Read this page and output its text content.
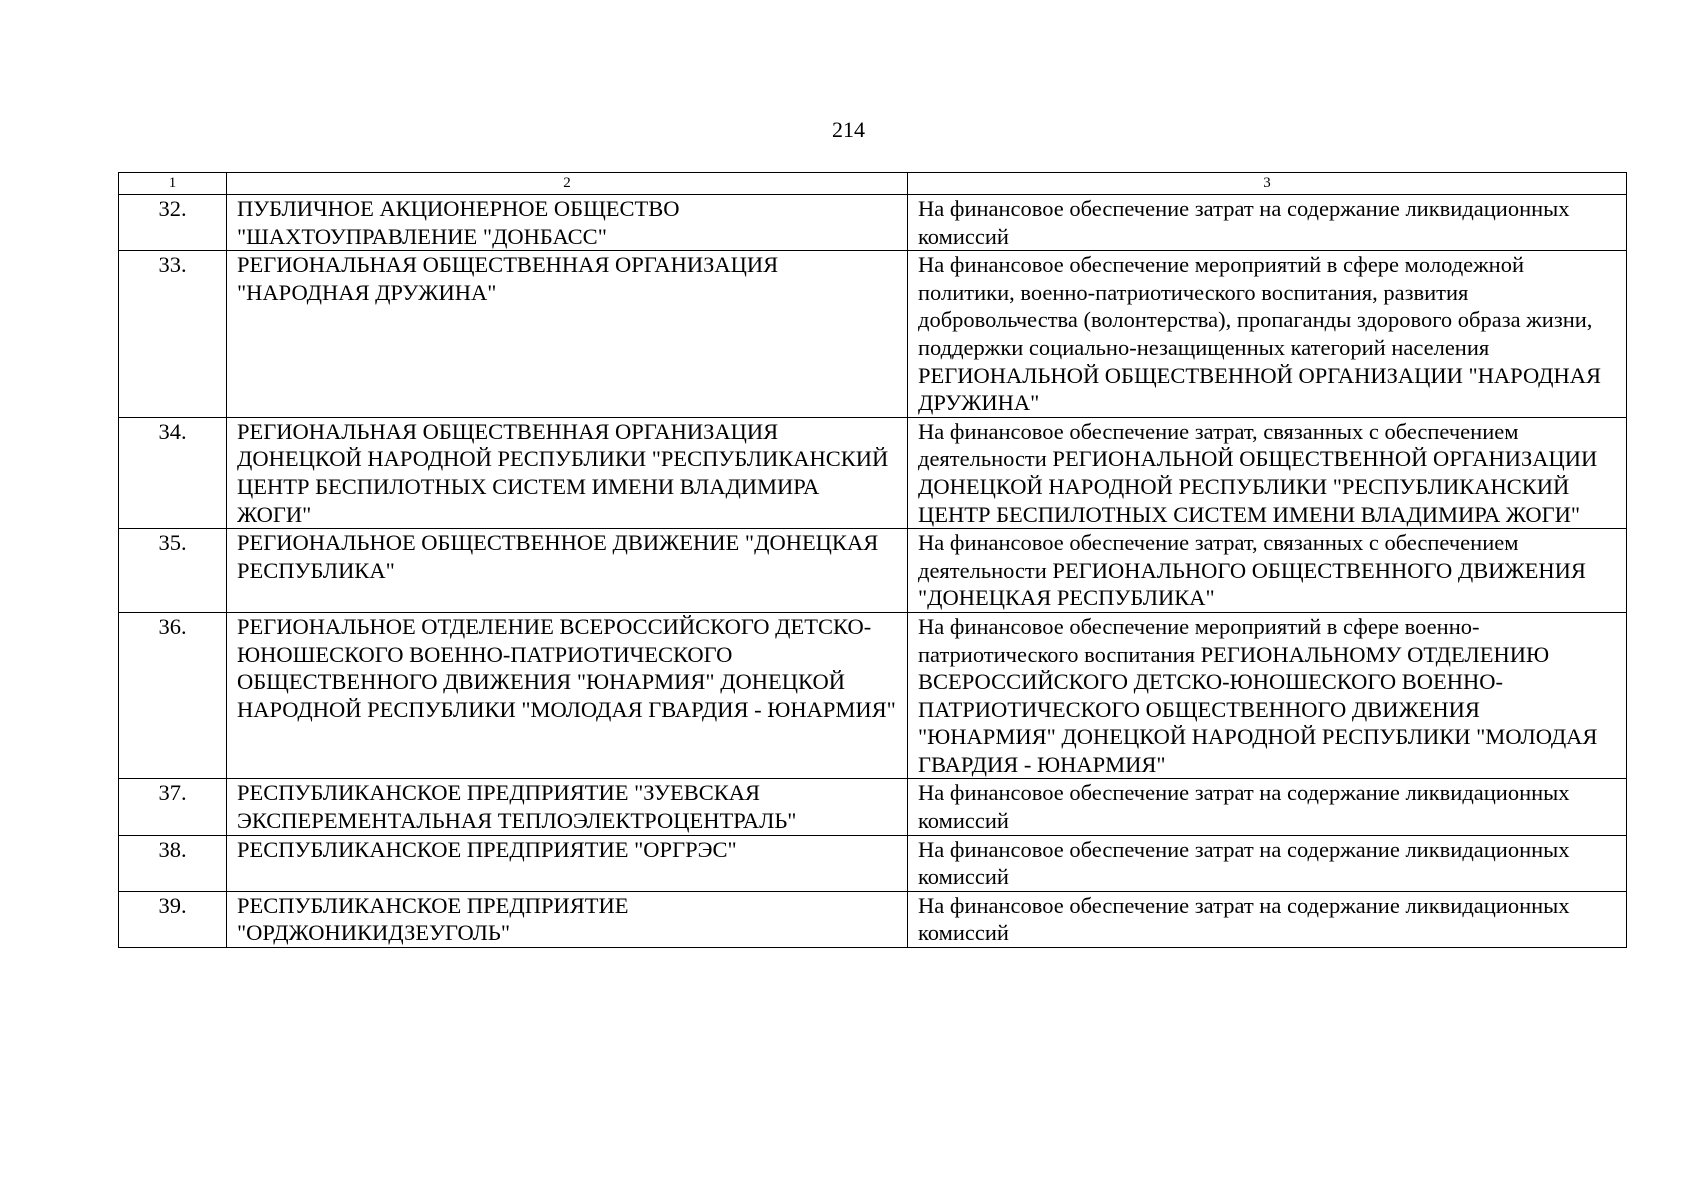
214
1	2	3
32.	ПУБЛИЧНОЕ АКЦИОНЕРНОЕ ОБЩЕСТВО "ШАХТОУПРАВЛЕНИЕ "ДОНБАСС"	На финансовое обеспечение затрат на содержание ликвидационных комиссий
33.	РЕГИОНАЛЬНАЯ ОБЩЕСТВЕННАЯ ОРГАНИЗАЦИЯ "НАРОДНАЯ ДРУЖИНА"	На финансовое обеспечение мероприятий в сфере молодежной политики, военно-патриотического воспитания, развития добровольчества (волонтерства), пропаганды здорового образа жизни, поддержки социально-незащищенных категорий населения РЕГИОНАЛЬНОЙ ОБЩЕСТВЕННОЙ ОРГАНИЗАЦИИ "НАРОДНАЯ ДРУЖИНА"
34.	РЕГИОНАЛЬНАЯ ОБЩЕСТВЕННАЯ ОРГАНИЗАЦИЯ ДОНЕЦКОЙ НАРОДНОЙ РЕСПУБЛИКИ "РЕСПУБЛИКАНСКИЙ ЦЕНТР БЕСПИЛОТНЫХ СИСТЕМ ИМЕНИ ВЛАДИМИРА ЖОГИ"	На финансовое обеспечение затрат, связанных с обеспечением деятельности РЕГИОНАЛЬНОЙ ОБЩЕСТВЕННОЙ ОРГАНИЗАЦИИ ДОНЕЦКОЙ НАРОДНОЙ РЕСПУБЛИКИ "РЕСПУБЛИКАНСКИЙ ЦЕНТР БЕСПИЛОТНЫХ СИСТЕМ ИМЕНИ ВЛАДИМИРА ЖОГИ"
35.	РЕГИОНАЛЬНОЕ ОБЩЕСТВЕННОЕ ДВИЖЕНИЕ "ДОНЕЦКАЯ РЕСПУБЛИКА"	На финансовое обеспечение затрат, связанных с обеспечением деятельности РЕГИОНАЛЬНОГО ОБЩЕСТВЕННОГО ДВИЖЕНИЯ "ДОНЕЦКАЯ РЕСПУБЛИКА"
36.	РЕГИОНАЛЬНОЕ ОТДЕЛЕНИЕ ВСЕРОССИЙСКОГО ДЕТСКО-ЮНОШЕСКОГО ВОЕННО-ПАТРИОТИЧЕСКОГО ОБЩЕСТВЕННОГО ДВИЖЕНИЯ "ЮНАРМИЯ" ДОНЕЦКОЙ НАРОДНОЙ РЕСПУБЛИКИ "МОЛОДАЯ ГВАРДИЯ - ЮНАРМИЯ"	На финансовое обеспечение мероприятий в сфере военно-патриотического воспитания РЕГИОНАЛЬНОМУ ОТДЕЛЕНИЮ ВСЕРОССИЙСКОГО ДЕТСКО-ЮНОШЕСКОГО ВОЕННО-ПАТРИОТИЧЕСКОГО ОБЩЕСТВЕННОГО ДВИЖЕНИЯ "ЮНАРМИЯ" ДОНЕЦКОЙ НАРОДНОЙ РЕСПУБЛИКИ "МОЛОДАЯ ГВАРДИЯ - ЮНАРМИЯ"
37.	РЕСПУБЛИКАНСКОЕ ПРЕДПРИЯТИЕ "ЗУЕВСКАЯ ЭКСПЕРЕМЕНТАЛЬНАЯ ТЕПЛОЭЛЕКТРОЦЕНТРАЛЬ"	На финансовое обеспечение затрат на содержание ликвидационных комиссий
38.	РЕСПУБЛИКАНСКОЕ ПРЕДПРИЯТИЕ "ОРГРЭС"	На финансовое обеспечение затрат на содержание ликвидационных комиссий
39.	РЕСПУБЛИКАНСКОЕ ПРЕДПРИЯТИЕ "ОРДЖОНИКИДЗЕУГОЛЬ"	На финансовое обеспечение затрат на содержание ликвидационных комиссий
